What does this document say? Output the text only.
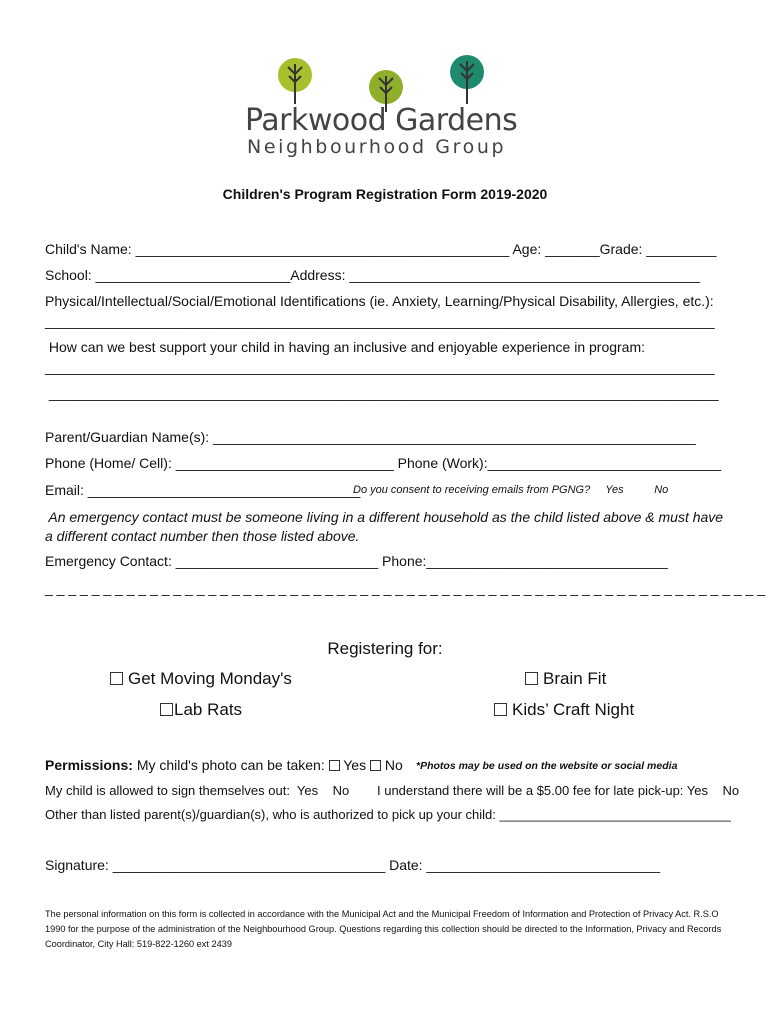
Parkwood Gardens
Neighbourhood Group
Children's Program Registration Form 2019-2020
Child's Name: ________________________________________________ Age: _______Grade: _________
School: _________________________Address: _____________________________________________
Physical/Intellectual/Social/Emotional Identifications (ie. Anxiety, Learning/Physical Disability, Allergies, etc.):
______________________________________________________________________________________
How can we best support your child in having an inclusive and enjoyable experience in program:
______________________________________________________________________________________
______________________________________________________________________________________
Parent/Guardian Name(s): ______________________________________________________________
Phone (Home/ Cell): ____________________________ Phone (Work):______________________________
Email: ___________________________________
Do you consent to receiving emails from PGNG?     Yes          No
An emergency contact must be someone living in a different household as the child listed above & must have
a different contact number then those listed above.
Emergency Contact: __________________________ Phone:_______________________________
_ _ _ _ _ _ _ _ _ _ _ _ _ _ _ _ _ _ _ _ _ _ _ _ _ _ _ _ _ _ _ _ _ _ _ _ _ _ _ _ _ _ _ _ _ _ _ _ _ _ _ _ _ _ _ _ _ _ _ _ _ _
Registering for:
Get Moving Monday's	Brain Fit
Lab Rats	Kids’ Craft Night
Permissions: My child's photo can be taken:  Yes  No *Photos may be used on the website or social media
My child is allowed to sign themselves out:  Yes    No I understand there will be a $5.00 fee for late pick-up: Yes    No
Other than listed parent(s)/guardian(s), who is authorized to pick up your child: ________________________________
Signature: ___________________________________ Date: ______________________________
The personal information on this form is collected in accordance with the Municipal Act and the Municipal Freedom of Information and Protection of Privacy Act. R.S.O 1990 for the purpose of the administration of the Neighbourhood Group. Questions regarding this collection should be directed to the Information, Privacy and Records Coordinator, City Hall: 519-822-1260 ext 2439
